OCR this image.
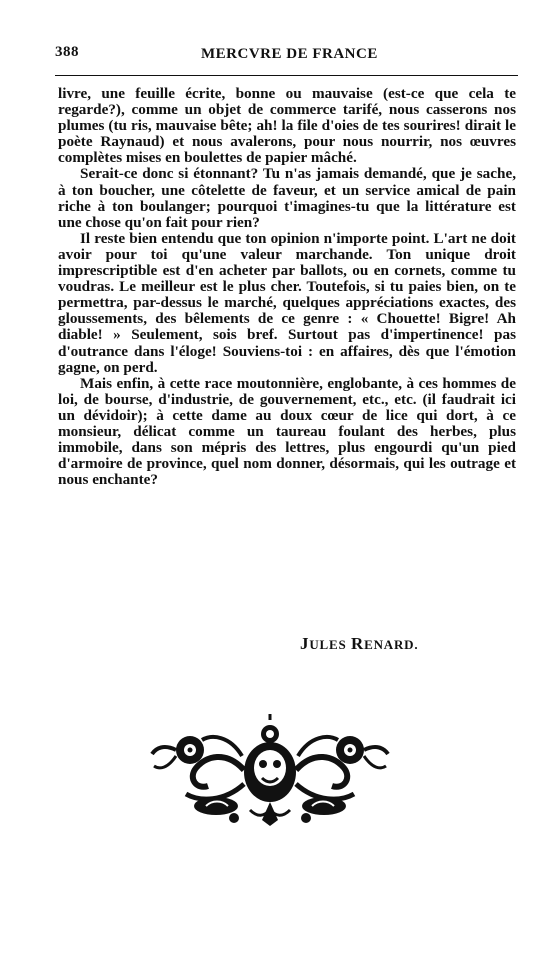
388	MERCVRE DE FRANCE

livre, une feuille écrite, bonne ou mauvaise (est-ce que cela te regarde?), comme un objet de commerce tarifé, nous casserons nos plumes (tu ris, mauvaise bête; ah! la file d'oies de tes sourires! dirait le poète Raynaud) et nous avalerons, pour nous nourrir, nos œuvres complètes mises en boulettes de papier mâché.

Serait-ce donc si étonnant? Tu n'as jamais demandé, que je sache, à ton boucher, une côtelette de faveur, et un service amical de pain riche à ton boulanger; pourquoi t'imagines-tu que la littérature est une chose qu'on fait pour rien?

Il reste bien entendu que ton opinion n'importe point. L'art ne doit avoir pour toi qu'une valeur marchande. Ton unique droit imprescriptible est d'en acheter par ballots, ou en cornets, comme tu voudras. Le meilleur est le plus cher. Toutefois, si tu paies bien, on te permettra, par-dessus le marché, quelques appréciations exactes, des gloussements, des bêlements de ce genre : « Chouette! Bigre! Ah diable! » Seulement, sois bref. Surtout pas d'impertinence! pas d'outrance dans l'éloge! Souviens-toi : en affaires, dès que l'émotion gagne, on perd.

Mais enfin, à cette race moutonnière, englobante, à ces hommes de loi, de bourse, d'industrie, de gouvernement, etc., etc. (il faudrait ici un dévidoir); à cette dame au doux cœur de lice qui dort, à ce monsieur, délicat comme un taureau foulant des herbes, plus immobile, dans son mépris des lettres, plus engourdi qu'un pied d'armoire de province, quel nom donner, désormais, qui les outrage et nous enchante?

JULES RENARD.
